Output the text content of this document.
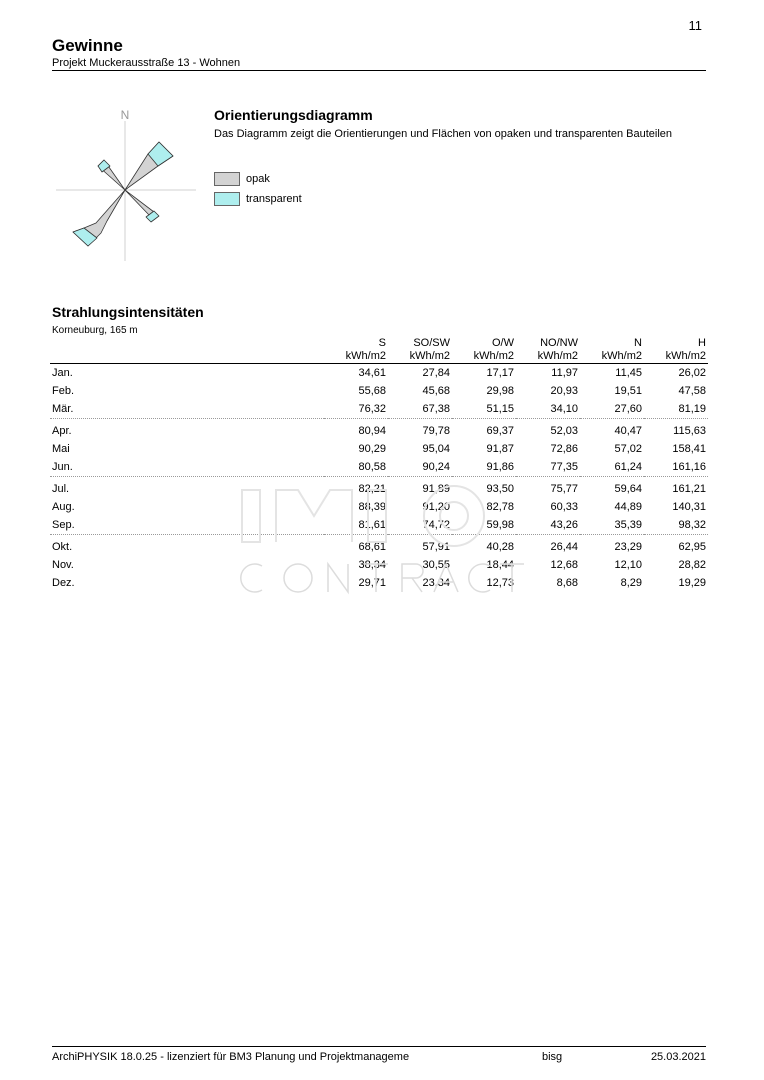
11
Gewinne
Projekt Muckerausstraße 13 - Wohnen
N	Orientierungsdiagramm
Das Diagramm zeigt die Orientierungen und Flächen von opaken und transparenten Bauteilen
opak
transparent
Strahlungsintensitäten
Korneuburg, 165 m
	S	SO/SW	O/W	NO/NW	N	H
	kWh/m2	kWh/m2	kWh/m2	kWh/m2	kWh/m2	kWh/m2
Jan.	34,61	27,84	17,17	11,97	11,45	26,02
Feb.	55,68	45,68	29,98	20,93	19,51	47,58
Mär.	76,32	67,38	51,15	34,10	27,60	81,19
Apr.	80,94	79,78	69,37	52,03	40,47	115,63
Mai	90,29	95,04	91,87	72,86	57,02	158,41
Jun.	80,58	90,24	91,86	77,35	61,24	161,16
Jul.	82,21	91,89	93,50	75,77	59,64	161,21
Aug.	88,39	91,20	82,78	60,33	44,89	140,31
Sep.	81,61	74,72	59,98	43,26	35,39	98,32
Okt.	68,61	57,91	40,28	26,44	23,29	62,95
Nov.	38,34	30,55	18,44	12,68	12,10	28,82
Dez.	29,71	23,34	12,73	8,68	8,29	19,29
ArchiPHYSIK 18.0.25 - lizenziert für BM3 Planung und Projektmanageme	bisg	25.03.2021
